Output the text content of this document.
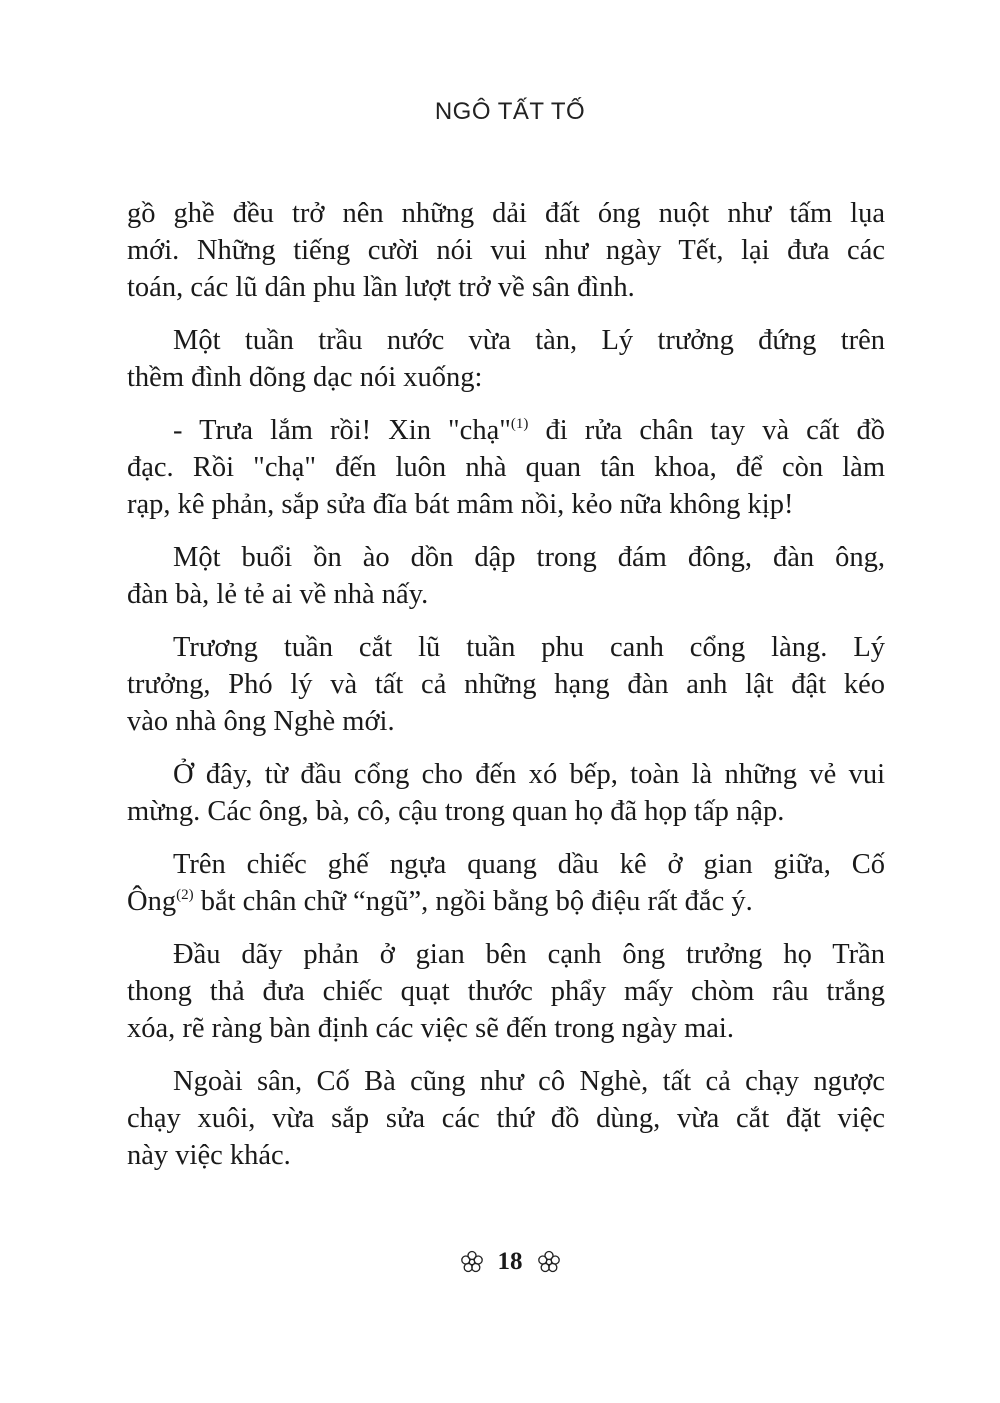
NGÔ TẤT TỐ
gồ ghề đều trở nên những dải đất óng nuột như tấm lụa
mới. Những tiếng cười nói vui như ngày Tết, lại đưa các
toán, các lũ dân phu lần lượt trở về sân đình.
Một tuần trầu nước vừa tàn, Lý trưởng đứng trên
thềm đình dõng dạc nói xuống:
- Trưa lắm rồi! Xin "chạ"$^{(1)}$ đi rửa chân tay và cất đồ
đạc. Rồi "chạ" đến luôn nhà quan tân khoa, để còn làm
rạp, kê phản, sắp sửa đĩa bát mâm nồi, kẻo nữa không kịp!
Một buổi ồn ào dồn dập trong đám đông, đàn ông,
đàn bà, lẻ tẻ ai về nhà nấy.
Trương tuần cắt lũ tuần phu canh cổng làng. Lý
trưởng, Phó lý và tất cả những hạng đàn anh lật đật kéo
vào nhà ông Nghè mới.
Ở đây, từ đầu cổng cho đến xó bếp, toàn là những vẻ vui
mừng. Các ông, bà, cô, cậu trong quan họ đã họp tấp nập.
Trên chiếc ghế ngựa quang dầu kê ở gian giữa, Cố
Ông$^{(2)}$ bắt chân chữ “ngũ”, ngồi bằng bộ điệu rất đắc ý.
Đầu dãy phản ở gian bên cạnh ông trưởng họ Trần
thong thả đưa chiếc quạt thước phẩy mấy chòm râu trắng
xóa, rẽ ràng bàn định các việc sẽ đến trong ngày mai.
Ngoài sân, Cố Bà cũng như cô Nghè, tất cả chạy ngược
chạy xuôi, vừa sắp sửa các thứ đồ dùng, vừa cắt đặt việc
này việc khác.
18
